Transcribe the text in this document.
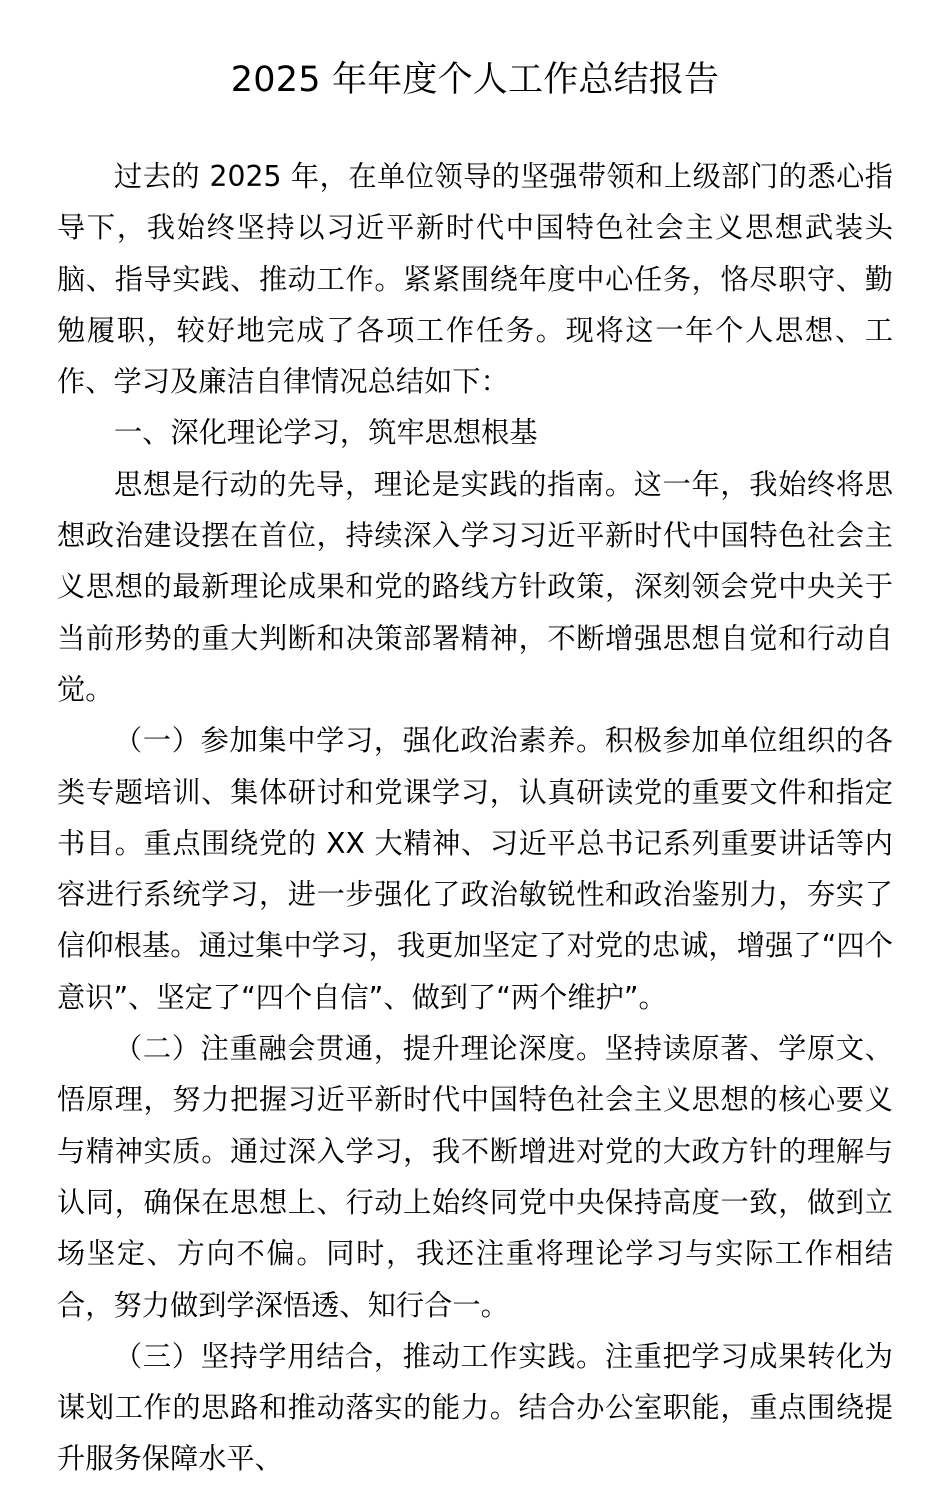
2025 年年度个人工作总结报告

过去的 2025 年，在单位领导的坚强带领和上级部门的悉心指导下，我始终坚持以习近平新时代中国特色社会主义思想武装头脑、指导实践、推动工作。紧紧围绕年度中心任务，恪尽职守、勤勉履职，较好地完成了各项工作任务。现将这一年个人思想、工作、学习及廉洁自律情况总结如下：

一、深化理论学习，筑牢思想根基

思想是行动的先导，理论是实践的指南。这一年，我始终将思想政治建设摆在首位，持续深入学习习近平新时代中国特色社会主义思想的最新理论成果和党的路线方针政策，深刻领会党中央关于当前形势的重大判断和决策部署精神，不断增强思想自觉和行动自觉。

（一）参加集中学习，强化政治素养。积极参加单位组织的各类专题培训、集体研讨和党课学习，认真研读党的重要文件和指定书目。重点围绕党的 XX 大精神、习近平总书记系列重要讲话等内容进行系统学习，进一步强化了政治敏锐性和政治鉴别力，夯实了信仰根基。通过集中学习，我更加坚定了对党的忠诚，增强了“四个意识”、坚定了“四个自信”、做到了“两个维护”。

（二）注重融会贯通，提升理论深度。坚持读原著、学原文、悟原理，努力把握习近平新时代中国特色社会主义思想的核心要义与精神实质。通过深入学习，我不断增进对党的大政方针的理解与认同，确保在思想上、行动上始终同党中央保持高度一致，做到立场坚定、方向不偏。同时，我还注重将理论学习与实际工作相结合，努力做到学深悟透、知行合一。

（三）坚持学用结合，推动工作实践。注重把学习成果转化为谋划工作的思路和推动落实的能力。结合办公室职能，重点围绕提升服务保障水平、
